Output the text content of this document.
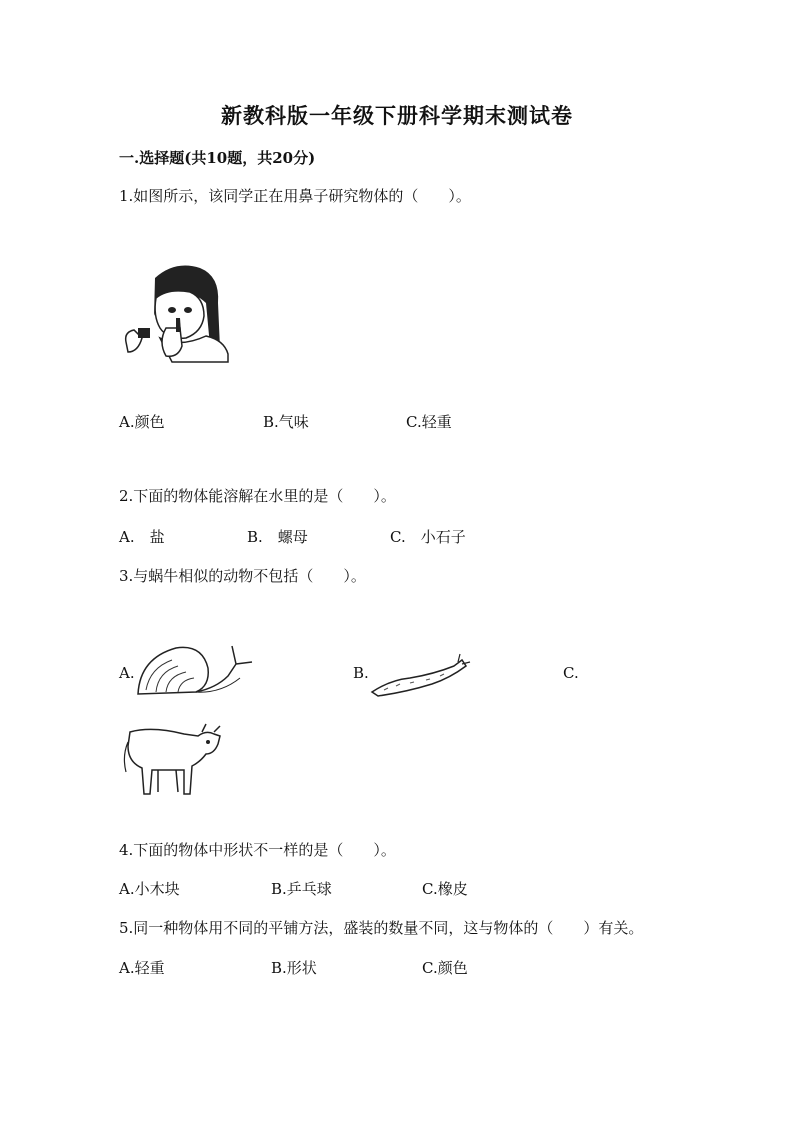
新教科版一年级下册科学期末测试卷
一.选择题(共10题，共20分)
1.如图所示，该同学正在用鼻子研究物体的（　　）。
A.颜色	B.气味	C.轻重
2.下面的物体能溶解在水里的是（　　）。
A.　盐	B.　螺母	C.　小石子
3.与蜗牛相似的动物不包括（　　）。
A.	B.	C.
4.下面的物体中形状不一样的是（　　）。
A.小木块	B.乒乓球	C.橡皮
5.同一种物体用不同的平铺方法，盛装的数量不同，这与物体的（　　）有关。
A.轻重	B.形状	C.颜色
